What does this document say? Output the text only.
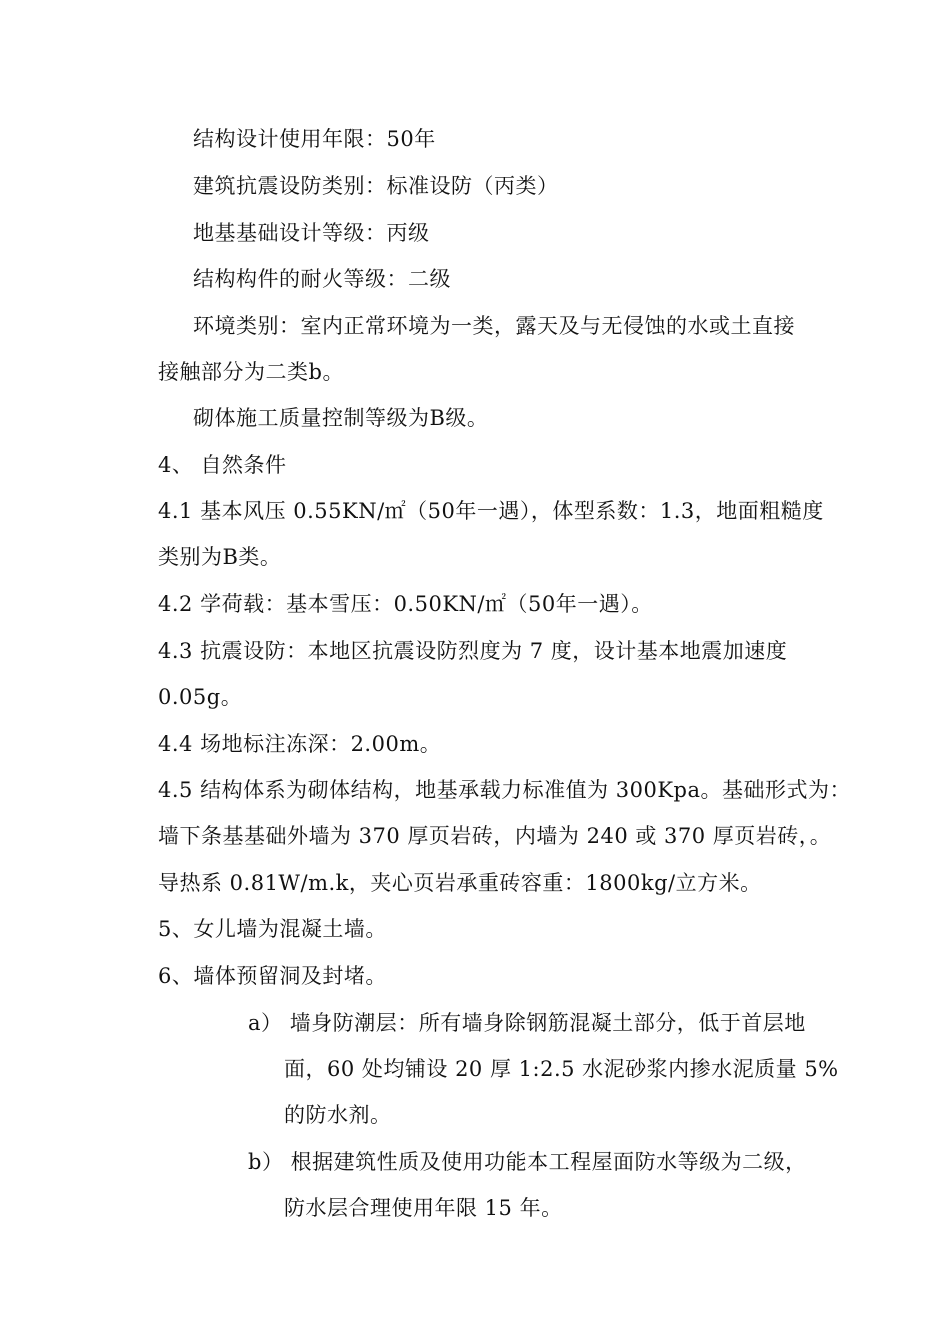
结构设计使用年限：50年
建筑抗震设防类别：标准设防（丙类）
地基基础设计等级：丙级
结构构件的耐火等级：二级
环境类别：室内正常环境为一类，露天及与无侵蚀的水或土直接
接触部分为二类b。
砌体施工质量控制等级为B级。
4、 自然条件
4.1 基本风压 0.55KN/㎡（50年一遇），体型系数：1.3，地面粗糙度
类别为B类。
4.2 学荷载：基本雪压：0.50KN/㎡（50年一遇）。
4.3 抗震设防：本地区抗震设防烈度为 7 度，设计基本地震加速度
0.05g。
4.4 场地标注冻深：2.00m。
4.5 结构体系为砌体结构，地基承载力标准值为 300Kpa。基础形式为：
墙下条基基础外墙为 370 厚页岩砖，内墙为 240 或 370 厚页岩砖，。
导热系 0.81W/m.k，夹心页岩承重砖容重：1800kg/立方米。
5、女儿墙为混凝土墙。
6、墙体预留洞及封堵。
a） 墙身防潮层：所有墙身除钢筋混凝土部分，低于首层地
面，60 处均铺设 20 厚 1:2.5 水泥砂浆内掺水泥质量 5%
的防水剂。
b） 根据建筑性质及使用功能本工程屋面防水等级为二级，
防水层合理使用年限 15 年。
